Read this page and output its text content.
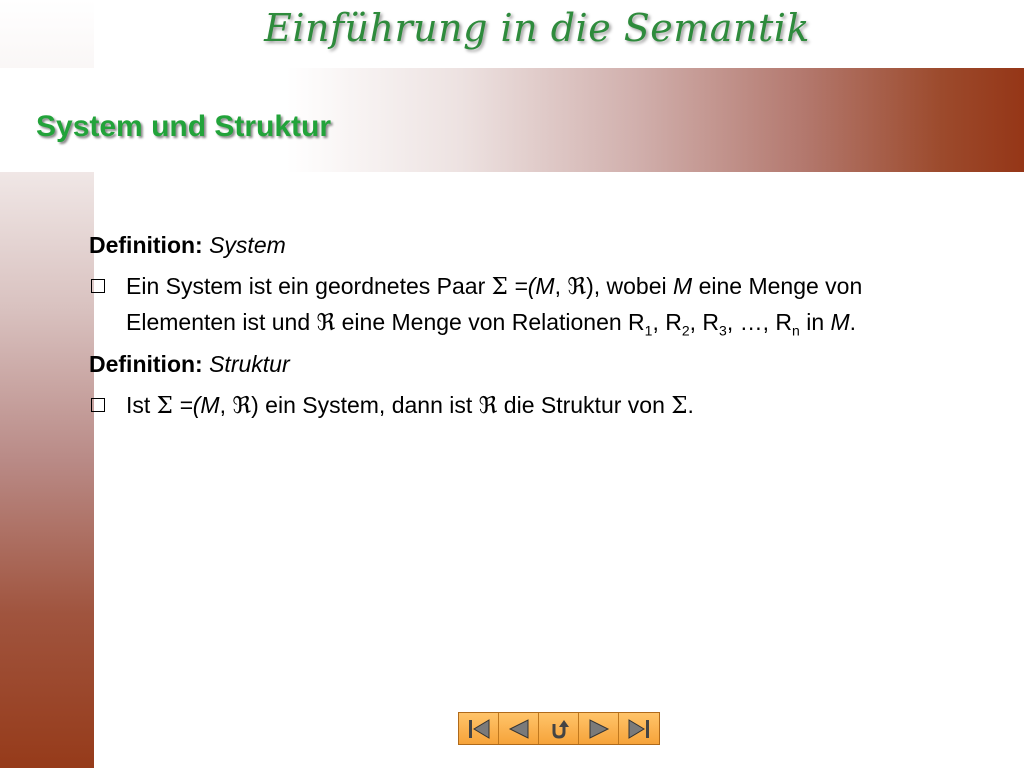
Einführung in die Semantik
System und Struktur

Definition: System

Ein System ist ein geordnetes Paar Σ =(M, ℜ), wobei M eine Menge von Elementen ist und ℜ eine Menge von Relationen $R_1$, $R_2$, $R_3$, …, $R_n$ in M.

Definition: Struktur

Ist Σ =(M, ℜ) ein System, dann ist ℜ die Struktur von Σ.
